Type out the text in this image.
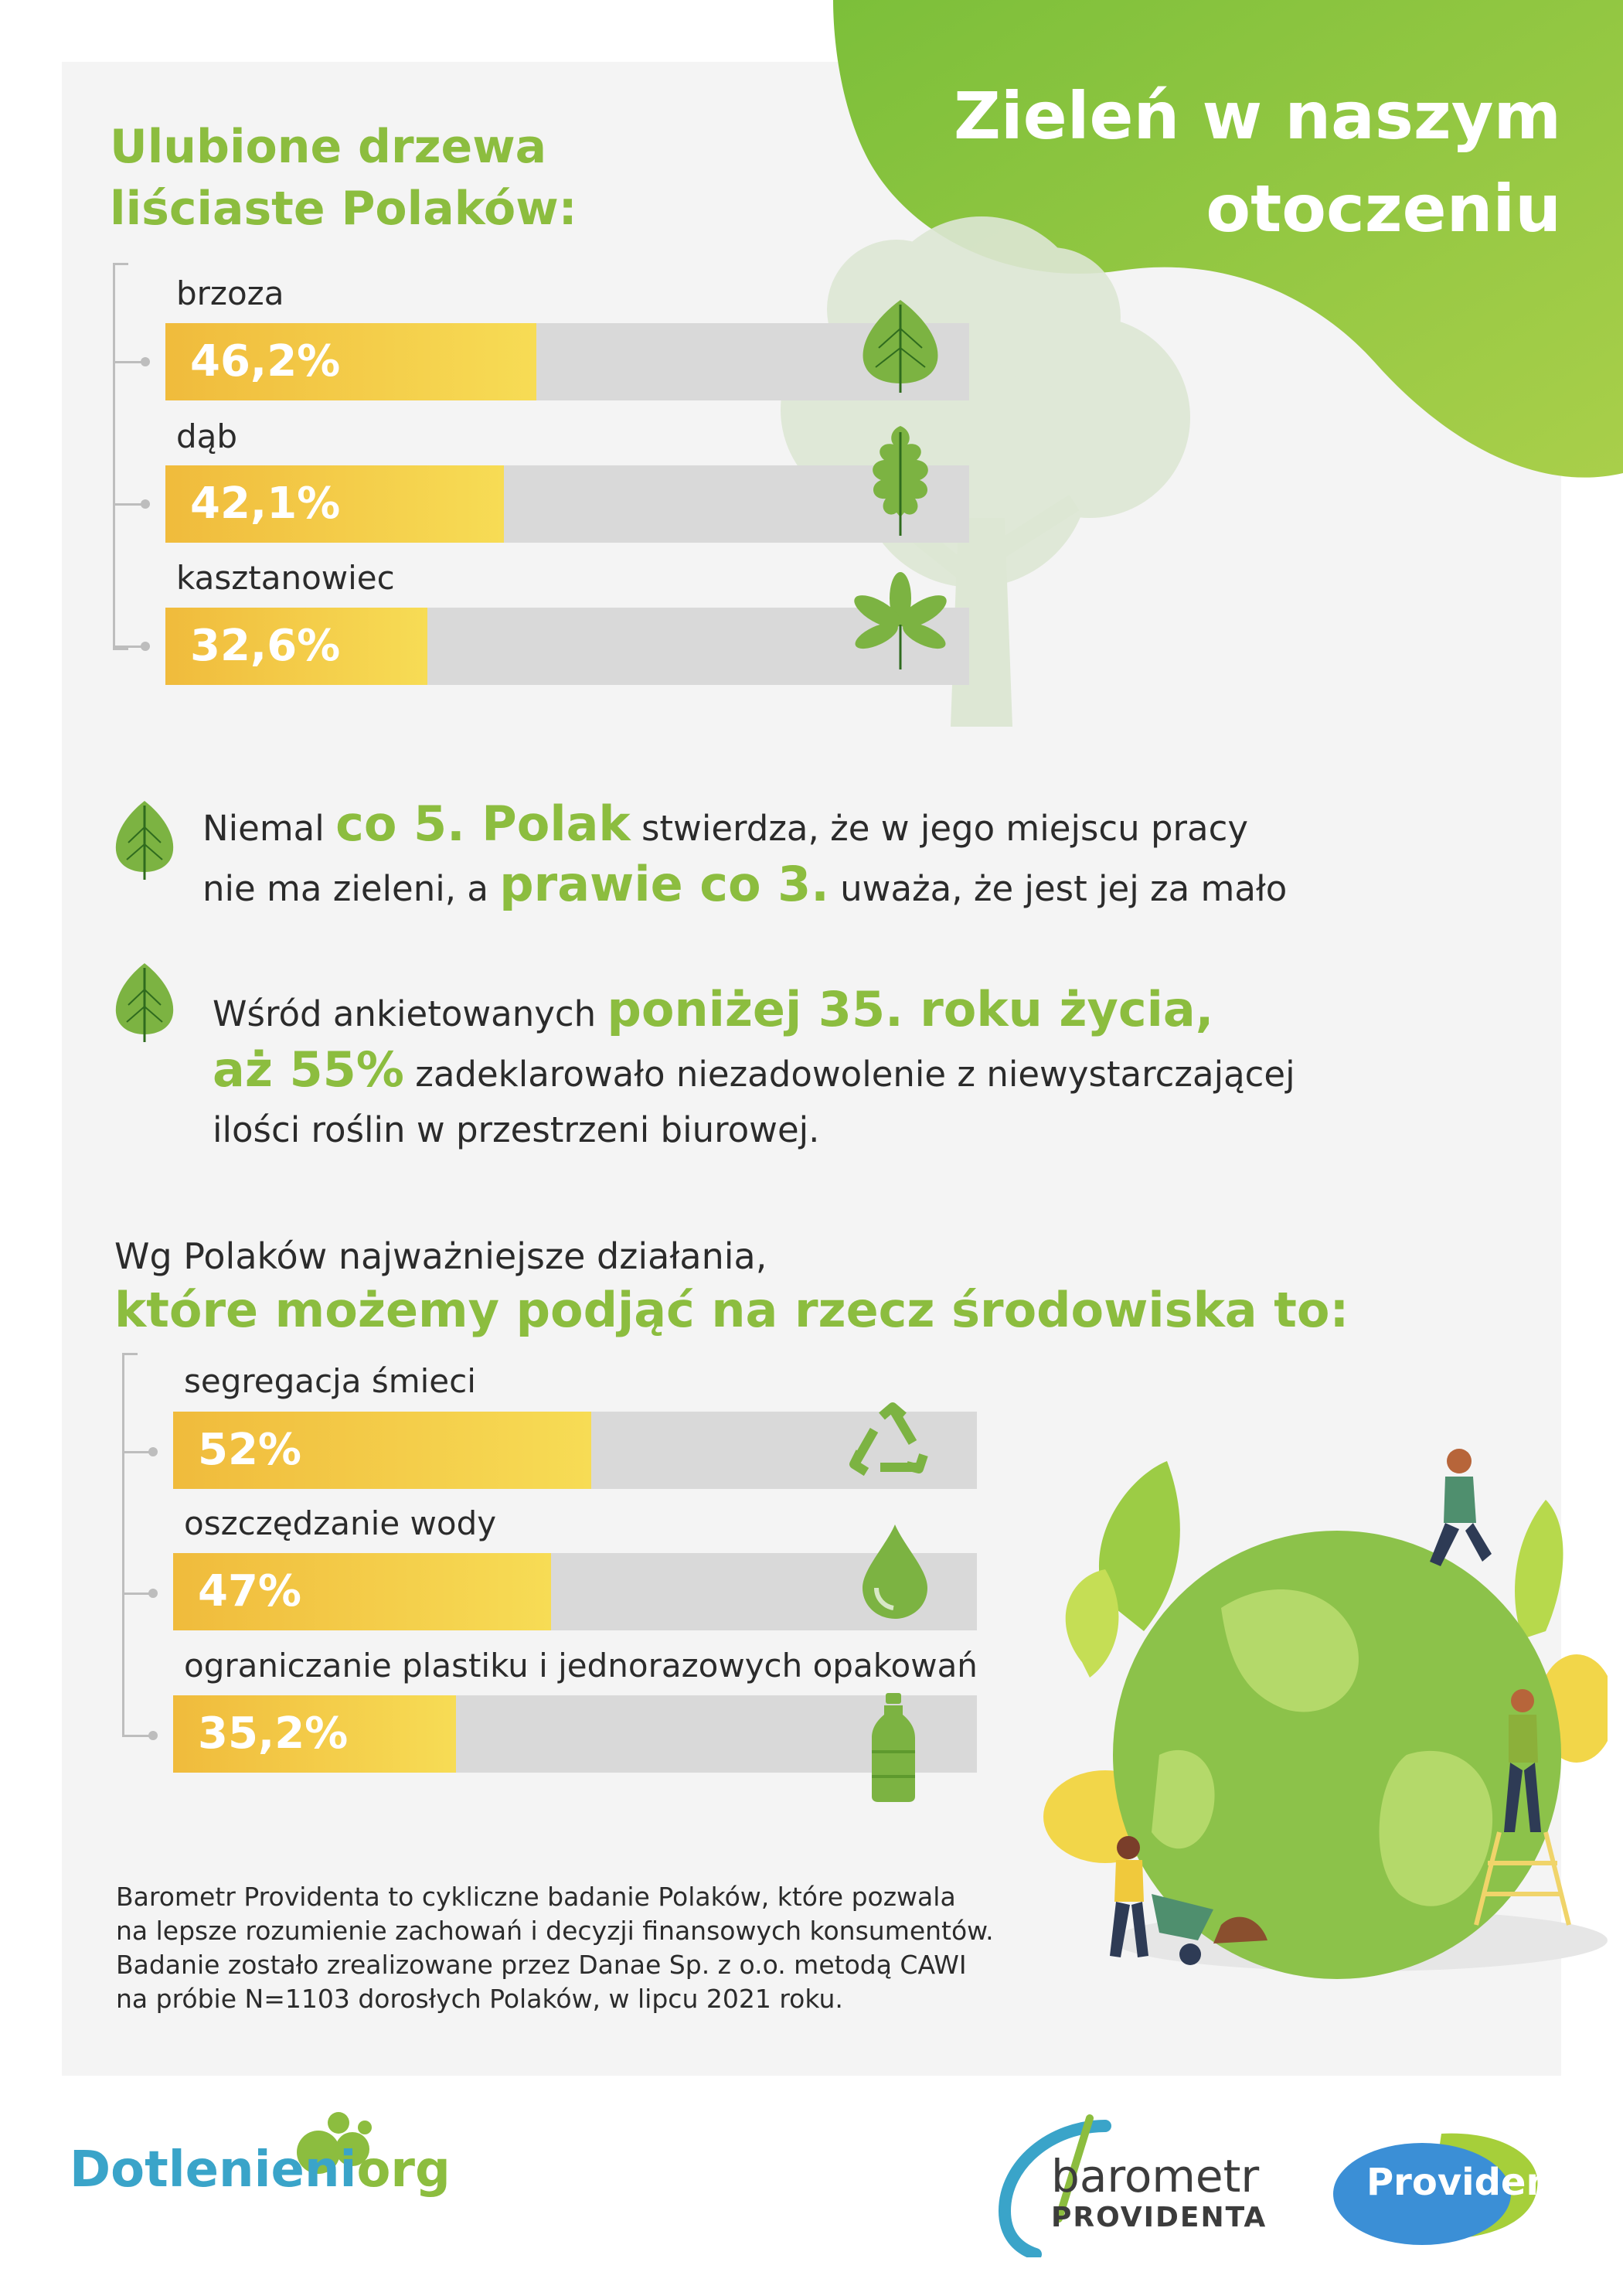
Zieleń w naszym
otoczeniu
Ulubione drzewa
liściaste Polaków:
brzoza
46,2%
dąb
42,1%
kasztanowiec
32,6%
Niemal co 5. Polak stwierdza, że w jego miejscu pracy
nie ma zieleni, a prawie co 3. uważa, że jest jej za mało
Wśród ankietowanych poniżej 35. roku życia,
aż 55% zadeklarowało niezadowolenie z niewystarczającej
ilości roślin w przestrzeni biurowej.
Wg Polaków najważniejsze działania,
które możemy podjąć na rzecz środowiska to:
segregacja śmieci
52%
oszczędzanie wody
47%
ograniczanie plastiku i jednorazowych opakowań
35,2%
Barometr Providenta to cykliczne badanie Polaków, które pozwala
na lepsze rozumienie zachowań i decyzji finansowych konsumentów.
Badanie zostało zrealizowane przez Danae Sp. z o.o. metodą CAWI
na próbie N=1103 dorosłych Polaków, w lipcu 2021 roku.
Dotlenieniorg	barometr
PROVIDENTA
Provident
